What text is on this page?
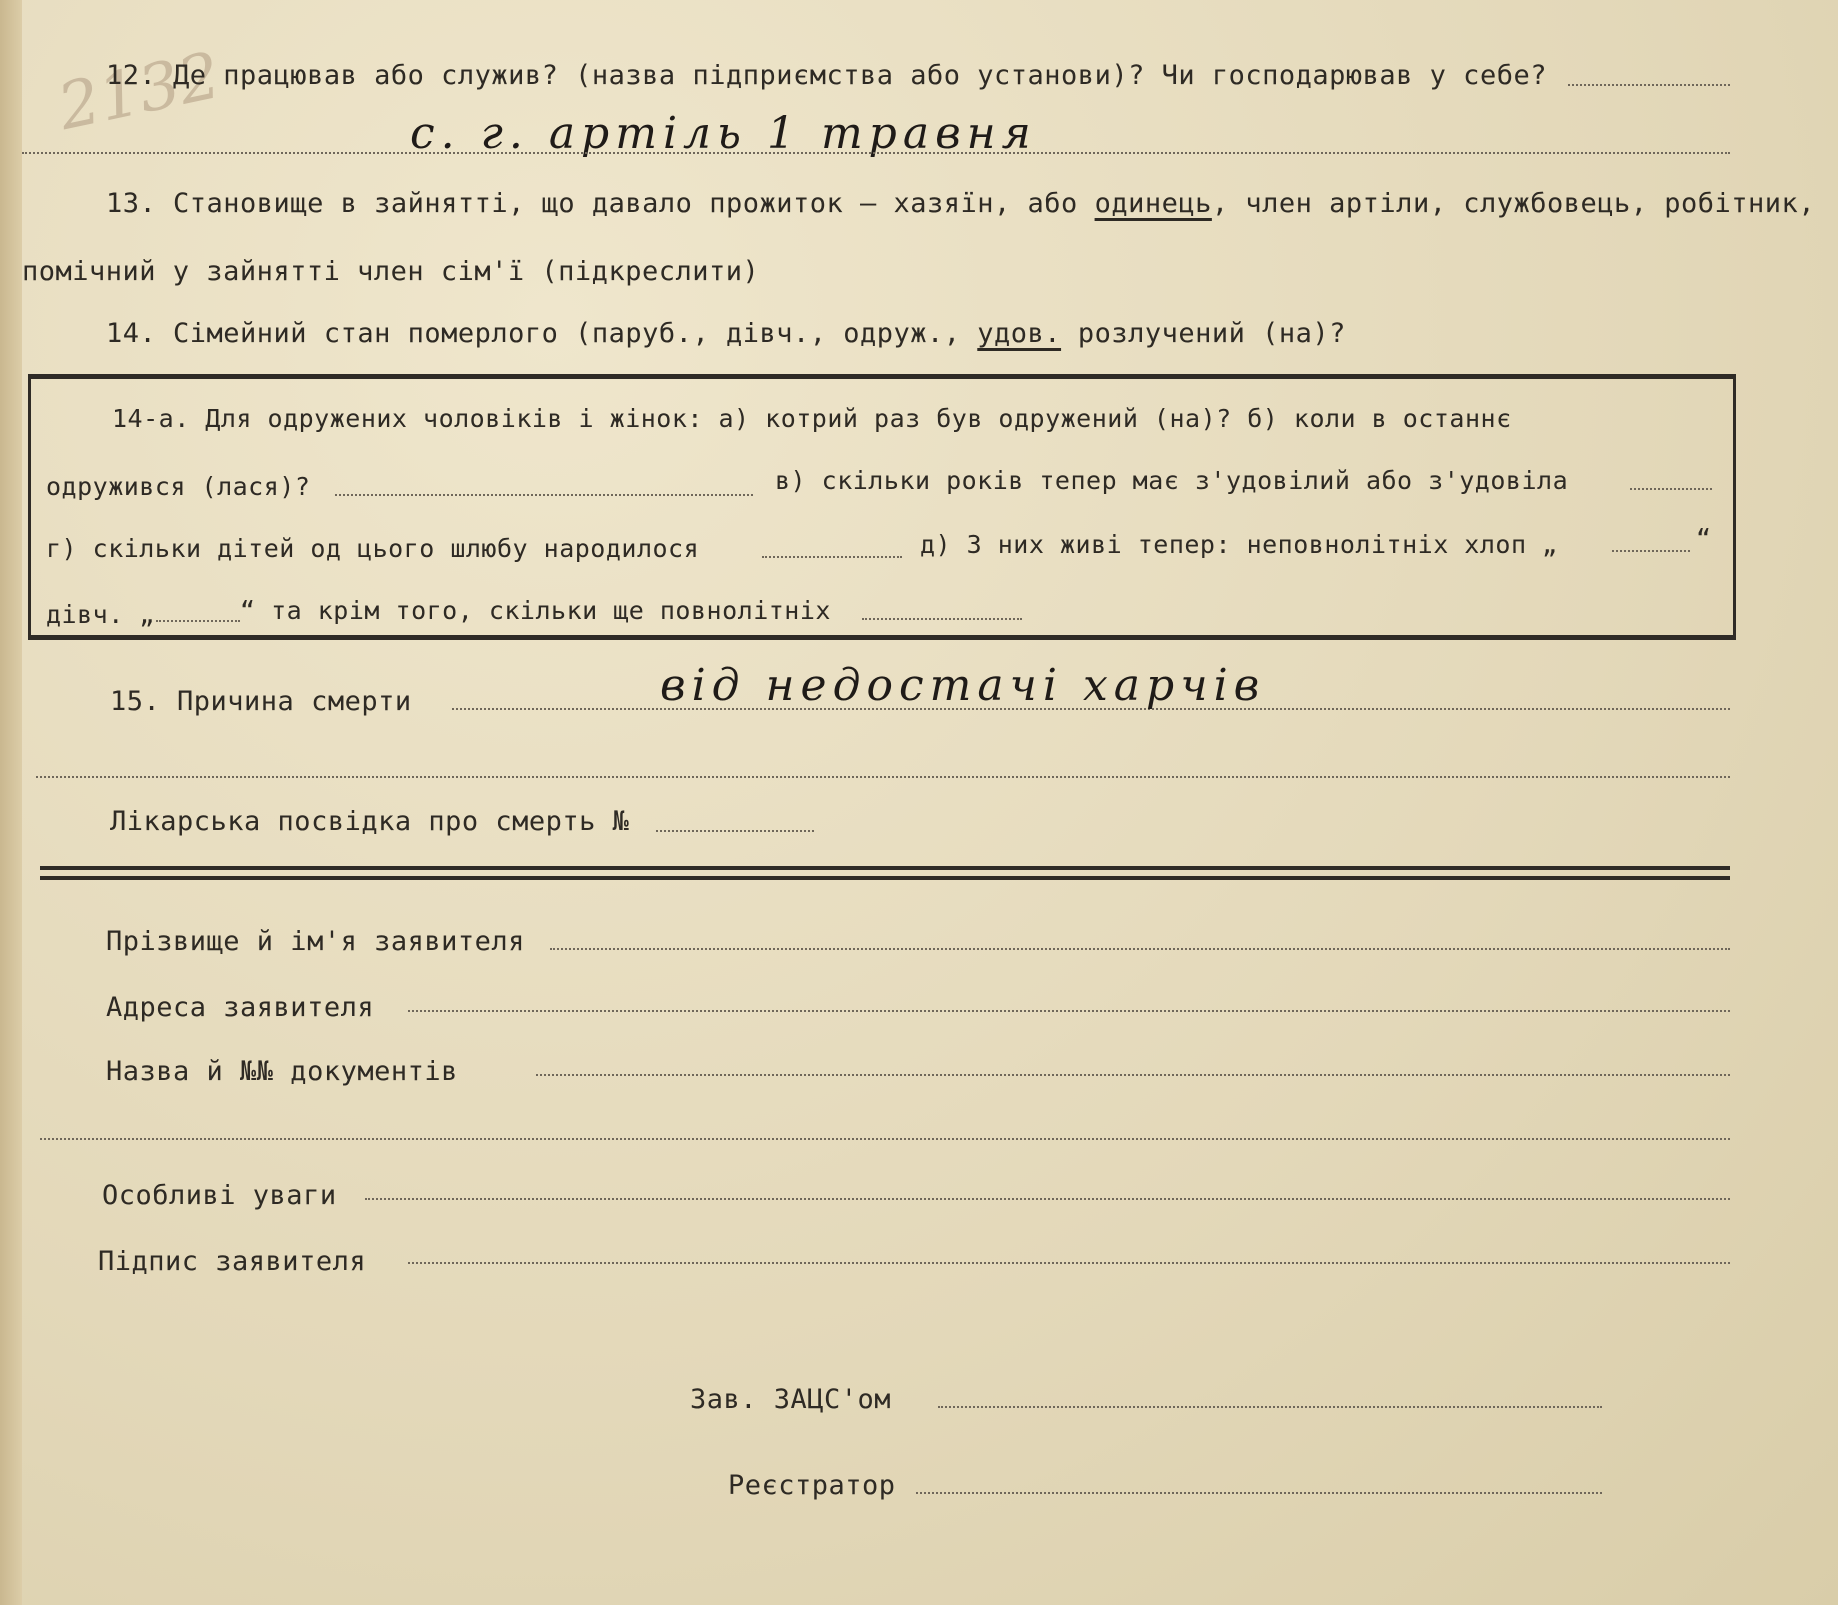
2132
12. Де працював або служив? (назва підприємства або установи)? Чи господарював у себе?
с. г. артіль 1 травня
13. Становище в зайнятті, що давало прожиток — хазяїн, або одинець, член артіли, службовець, робітник,
помічний у зайнятті член сім'ї (підкреслити)
14. Сімейний стан померлого (паруб., дівч., одруж., удов. розлучений (на)?
14-а. Для одружених чоловіків і жінок: а) котрий раз був одружений (на)? б) коли в останнє
одружився (лася)?	в) скільки років тепер має з'удовілий або з'удовіла
г) скільки дітей од цього шлюбу народилося	д) З них живі тепер: неповнолітніх хлоп „	“
дівч. „	“ та крім того, скільки ще повнолітніх
15. Причина смерти	від недостачі харчів
Лікарська посвідка про смерть №
Прізвище й ім'я заявителя
Адреса заявителя
Назва й №№ документів
Особливі уваги
Підпис заявителя
Зав. ЗАЦС'ом
Реєстратор
